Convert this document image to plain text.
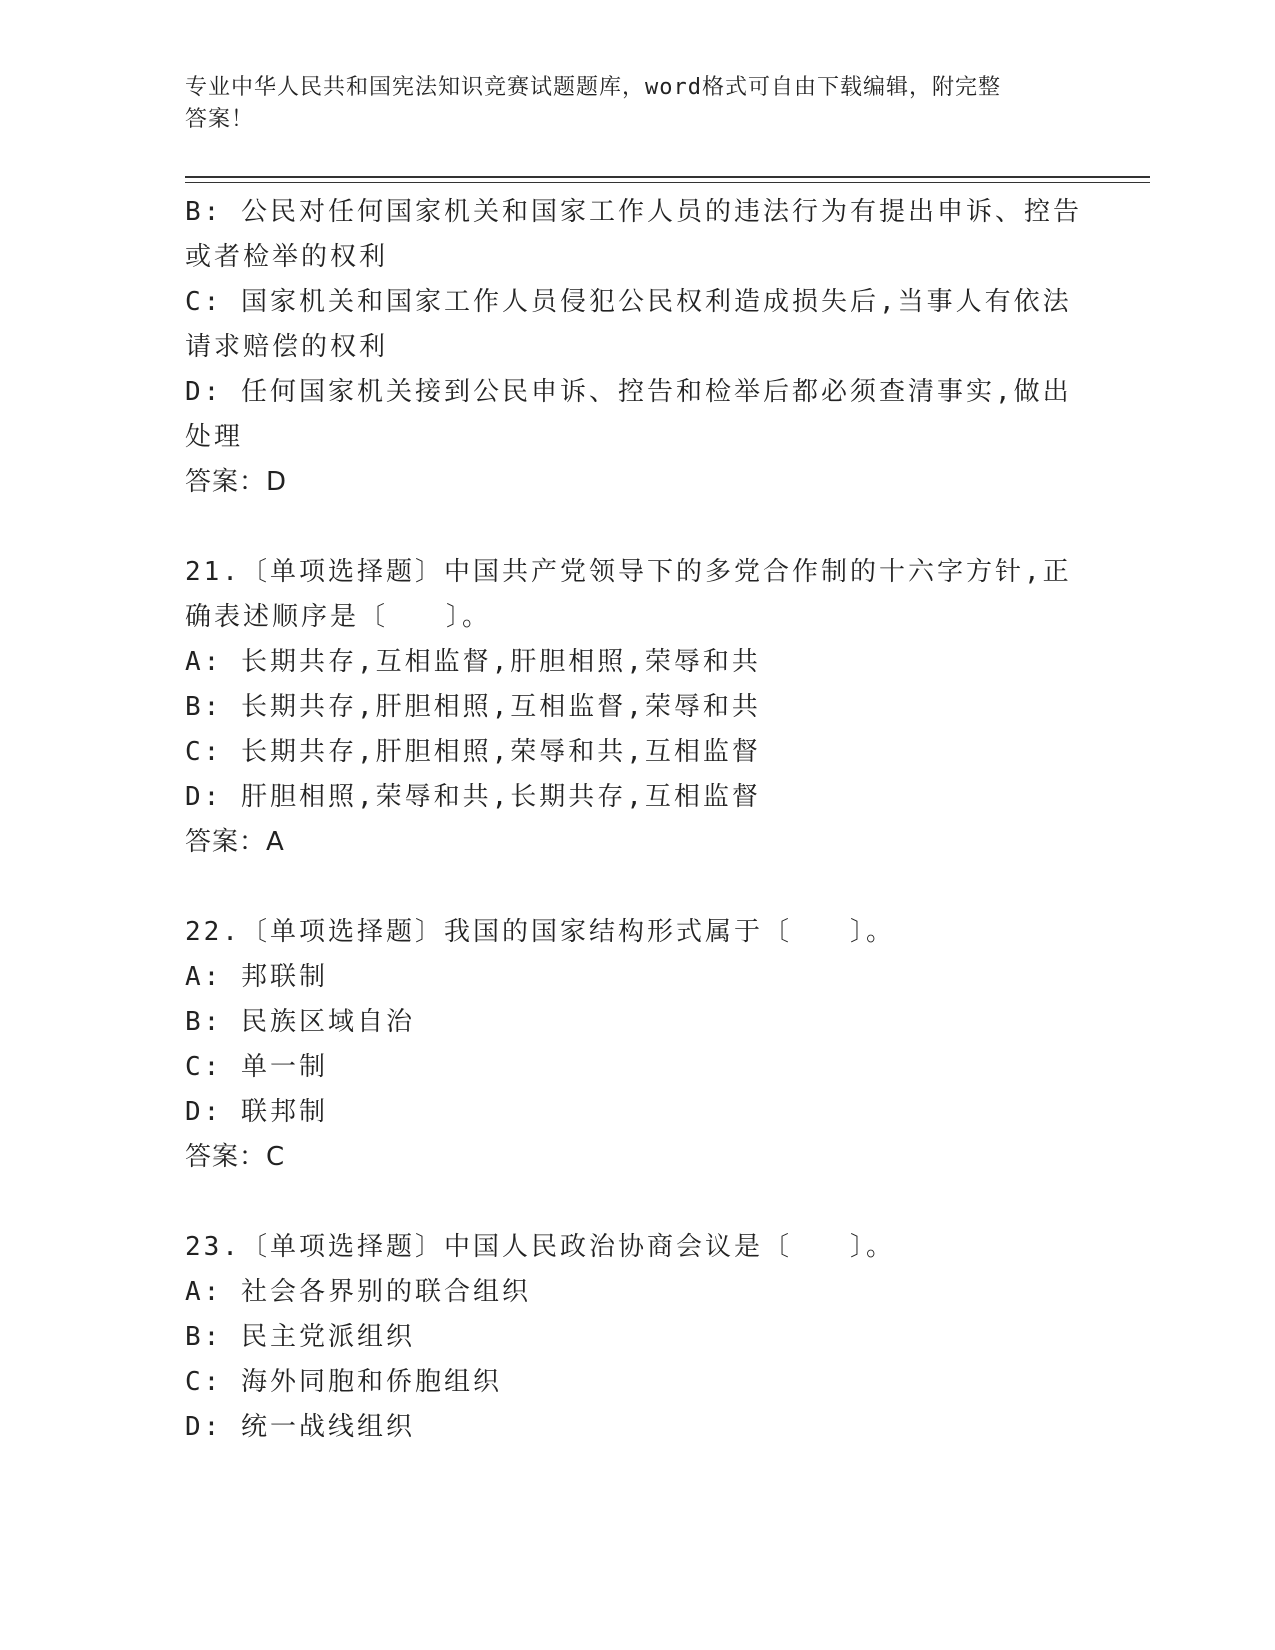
专业中华人民共和国宪法知识竞赛试题题库，word格式可自由下载编辑，附完整
答案！
B: 公民对任何国家机关和国家工作人员的违法行为有提出申诉、控告
或者检举的权利
C: 国家机关和国家工作人员侵犯公民权利造成损失后,当事人有依法
请求赔偿的权利
D: 任何国家机关接到公民申诉、控告和检举后都必须查清事实,做出
处理
答案：D
21.〔单项选择题〕中国共产党领导下的多党合作制的十六字方针,正
确表述顺序是〔　　〕。
A: 长期共存,互相监督,肝胆相照,荣辱和共
B: 长期共存,肝胆相照,互相监督,荣辱和共
C: 长期共存,肝胆相照,荣辱和共,互相监督
D: 肝胆相照,荣辱和共,长期共存,互相监督
答案：A
22.〔单项选择题〕我国的国家结构形式属于〔　　〕。
A: 邦联制
B: 民族区域自治
C: 单一制
D: 联邦制
答案：C
23.〔单项选择题〕中国人民政治协商会议是〔　　〕。
A: 社会各界别的联合组织
B: 民主党派组织
C: 海外同胞和侨胞组织
D: 统一战线组织
